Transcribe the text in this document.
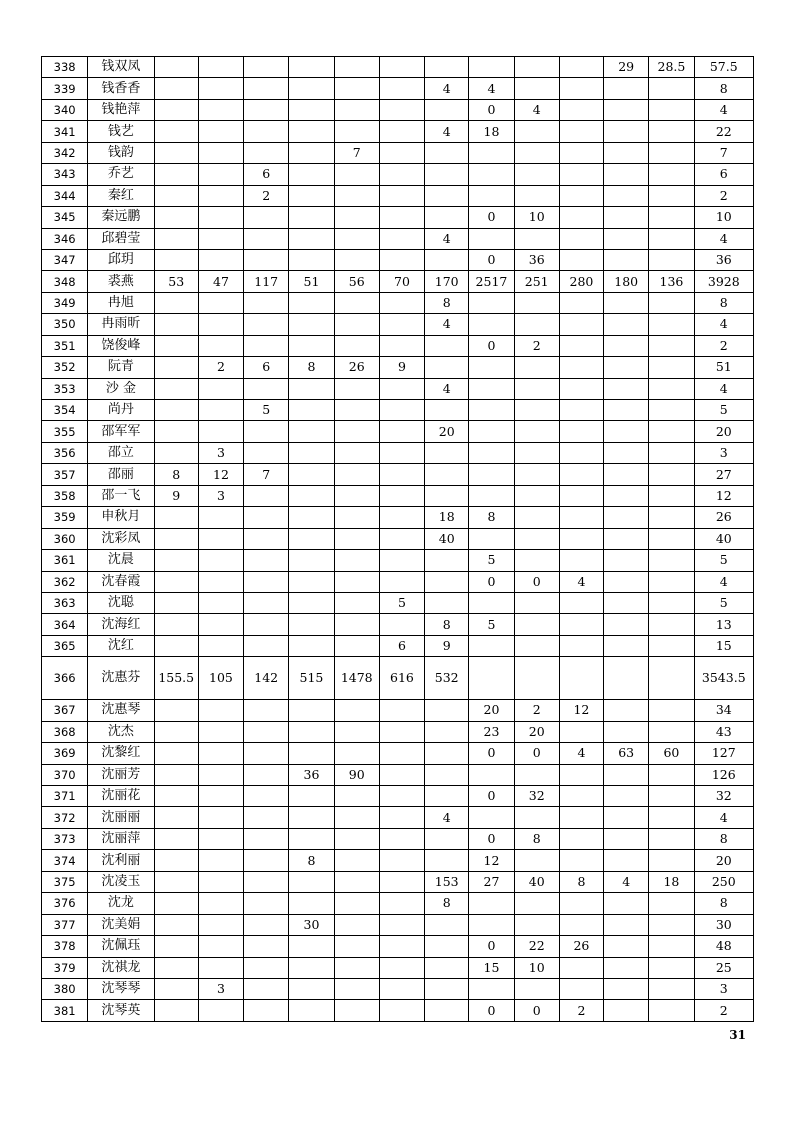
338	钱双凤											29	28.5	57.5
339	钱香香							4	4					8
340	钱艳萍								0	4				4
341	钱艺							4	18					22
342	钱韵					7								7
343	乔艺			6										6
344	秦红			2										2
345	秦远鹏								0	10				10
346	邱碧莹							4						4
347	邱玥								0	36				36
348	裘燕	53	47	117	51	56	70	170	2517	251	280	180	136	3928
349	冉旭							8						8
350	冉雨昕							4						4
351	饶俊峰								0	2				2
352	阮青		2	6	8	26	9							51
353	沙 金							4						4
354	尚丹			5										5
355	邵军军							20						20
356	邵立		3											3
357	邵丽	8	12	7										27
358	邵一飞	9	3											12
359	申秋月							18	8					26
360	沈彩凤							40						40
361	沈晨								5					5
362	沈春霞								0	0	4			4
363	沈聪						5							5
364	沈海红							8	5					13
365	沈红						6	9						15
366	沈惠芬	155.5	105	142	515	1478	616	532						3543.5
367	沈惠琴								20	2	12			34
368	沈杰								23	20				43
369	沈黎红								0	0	4	63	60	127
370	沈丽芳				36	90								126
371	沈丽花								0	32				32
372	沈丽丽							4						4
373	沈丽萍								0	8				8
374	沈利丽				8				12					20
375	沈凌玉							153	27	40	8	4	18	250
376	沈龙							8						8
377	沈美娟				30									30
378	沈佩珏								0	22	26			48
379	沈祺龙								15	10				25
380	沈琴琴		3											3
381	沈琴英								0	0	2			2
31
